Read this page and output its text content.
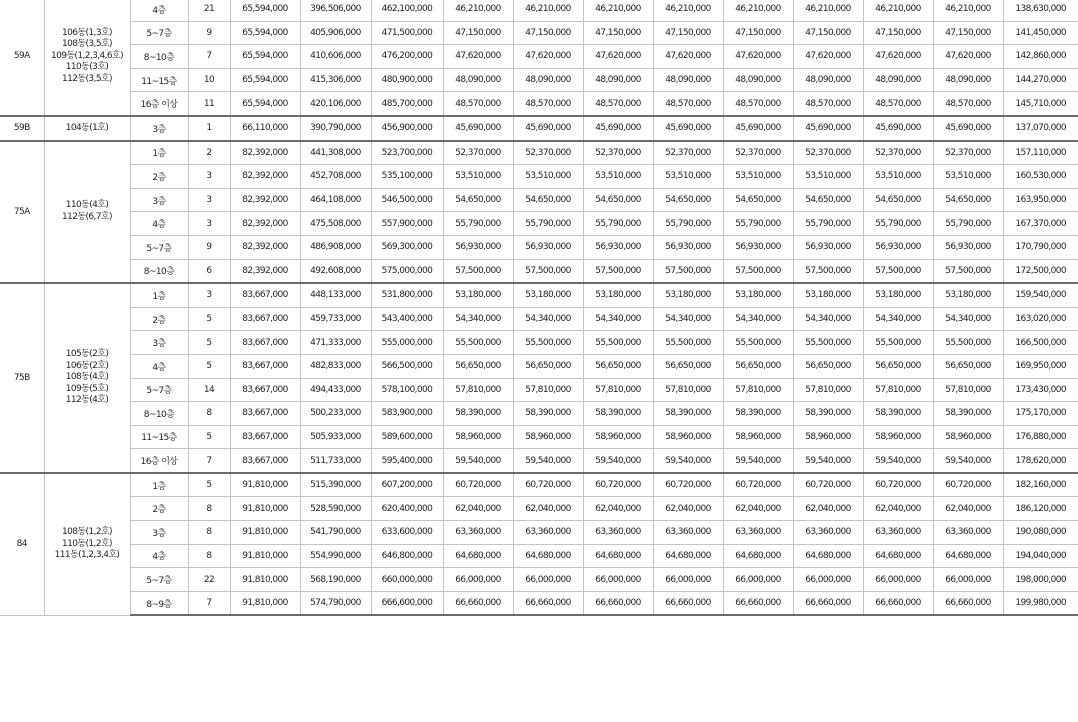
59A	106동(1,3호)
108동(3,5호)
109동(1,2,3,4,6호)
110동(3호)
112동(3,5호)	4층	21	65,594,000	396,506,000	462,100,000	46,210,000	46,210,000	46,210,000	46,210,000	46,210,000	46,210,000	46,210,000	46,210,000	138,630,000
		5~7층	9	65,594,000	405,906,000	471,500,000	47,150,000	47,150,000	47,150,000	47,150,000	47,150,000	47,150,000	47,150,000	47,150,000	141,450,000
		8~10층	7	65,594,000	410,606,000	476,200,000	47,620,000	47,620,000	47,620,000	47,620,000	47,620,000	47,620,000	47,620,000	47,620,000	142,860,000
		11~15층	10	65,594,000	415,306,000	480,900,000	48,090,000	48,090,000	48,090,000	48,090,000	48,090,000	48,090,000	48,090,000	48,090,000	144,270,000
		16층 이상	11	65,594,000	420,106,000	485,700,000	48,570,000	48,570,000	48,570,000	48,570,000	48,570,000	48,570,000	48,570,000	48,570,000	145,710,000
59B	104동(1호)	3층	1	66,110,000	390,790,000	456,900,000	45,690,000	45,690,000	45,690,000	45,690,000	45,690,000	45,690,000	45,690,000	45,690,000	137,070,000
75A	110동(4호)
112동(6,7호)	1층	2	82,392,000	441,308,000	523,700,000	52,370,000	52,370,000	52,370,000	52,370,000	52,370,000	52,370,000	52,370,000	52,370,000	157,110,000
		2층	3	82,392,000	452,708,000	535,100,000	53,510,000	53,510,000	53,510,000	53,510,000	53,510,000	53,510,000	53,510,000	53,510,000	160,530,000
		3층	3	82,392,000	464,108,000	546,500,000	54,650,000	54,650,000	54,650,000	54,650,000	54,650,000	54,650,000	54,650,000	54,650,000	163,950,000
		4층	3	82,392,000	475,508,000	557,900,000	55,790,000	55,790,000	55,790,000	55,790,000	55,790,000	55,790,000	55,790,000	55,790,000	167,370,000
		5~7층	9	82,392,000	486,908,000	569,300,000	56,930,000	56,930,000	56,930,000	56,930,000	56,930,000	56,930,000	56,930,000	56,930,000	170,790,000
		8~10층	6	82,392,000	492,608,000	575,000,000	57,500,000	57,500,000	57,500,000	57,500,000	57,500,000	57,500,000	57,500,000	57,500,000	172,500,000
75B	105동(2호)
106동(2호)
108동(4호)
109동(5호)
112동(4호)	1층	3	83,667,000	448,133,000	531,800,000	53,180,000	53,180,000	53,180,000	53,180,000	53,180,000	53,180,000	53,180,000	53,180,000	159,540,000
		2층	5	83,667,000	459,733,000	543,400,000	54,340,000	54,340,000	54,340,000	54,340,000	54,340,000	54,340,000	54,340,000	54,340,000	163,020,000
		3층	5	83,667,000	471,333,000	555,000,000	55,500,000	55,500,000	55,500,000	55,500,000	55,500,000	55,500,000	55,500,000	55,500,000	166,500,000
		4층	5	83,667,000	482,833,000	566,500,000	56,650,000	56,650,000	56,650,000	56,650,000	56,650,000	56,650,000	56,650,000	56,650,000	169,950,000
		5~7층	14	83,667,000	494,433,000	578,100,000	57,810,000	57,810,000	57,810,000	57,810,000	57,810,000	57,810,000	57,810,000	57,810,000	173,430,000
		8~10층	8	83,667,000	500,233,000	583,900,000	58,390,000	58,390,000	58,390,000	58,390,000	58,390,000	58,390,000	58,390,000	58,390,000	175,170,000
		11~15층	5	83,667,000	505,933,000	589,600,000	58,960,000	58,960,000	58,960,000	58,960,000	58,960,000	58,960,000	58,960,000	58,960,000	176,880,000
		16층 이상	7	83,667,000	511,733,000	595,400,000	59,540,000	59,540,000	59,540,000	59,540,000	59,540,000	59,540,000	59,540,000	59,540,000	178,620,000
84	108동(1,2호)
110동(1,2호)
111동(1,2,3,4호)	1층	5	91,810,000	515,390,000	607,200,000	60,720,000	60,720,000	60,720,000	60,720,000	60,720,000	60,720,000	60,720,000	60,720,000	182,160,000
		2층	8	91,810,000	528,590,000	620,400,000	62,040,000	62,040,000	62,040,000	62,040,000	62,040,000	62,040,000	62,040,000	62,040,000	186,120,000
		3층	8	91,810,000	541,790,000	633,600,000	63,360,000	63,360,000	63,360,000	63,360,000	63,360,000	63,360,000	63,360,000	63,360,000	190,080,000
		4층	8	91,810,000	554,990,000	646,800,000	64,680,000	64,680,000	64,680,000	64,680,000	64,680,000	64,680,000	64,680,000	64,680,000	194,040,000
		5~7층	22	91,810,000	568,190,000	660,000,000	66,000,000	66,000,000	66,000,000	66,000,000	66,000,000	66,000,000	66,000,000	66,000,000	198,000,000
		8~9층	7	91,810,000	574,790,000	666,600,000	66,660,000	66,660,000	66,660,000	66,660,000	66,660,000	66,660,000	66,660,000	66,660,000	199,980,000
